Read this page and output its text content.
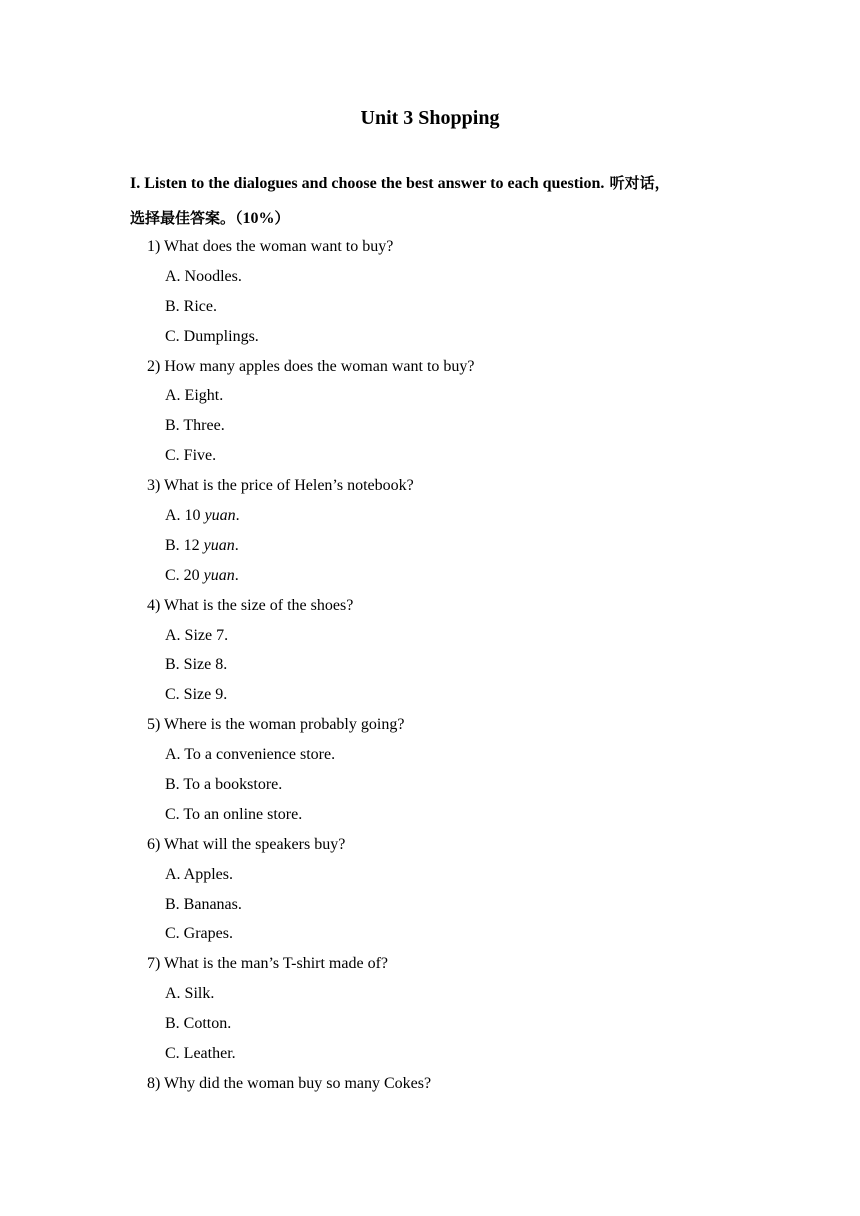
Unit 3 Shopping
I. Listen to the dialogues and choose the best answer to each question. 听对话，
选择最佳答案。（10%）
1) What does the woman want to buy?
A. Noodles.
B. Rice.
C. Dumplings.
2) How many apples does the woman want to buy?
A. Eight.
B. Three.
C. Five.
3) What is the price of Helen’s notebook?
A. 10 yuan.
B. 12 yuan.
C. 20 yuan.
4) What is the size of the shoes?
A. Size 7.
B. Size 8.
C. Size 9.
5) Where is the woman probably going?
A. To a convenience store.
B. To a bookstore.
C. To an online store.
6) What will the speakers buy?
A. Apples.
B. Bananas.
C. Grapes.
7) What is the man’s T-shirt made of?
A. Silk.
B. Cotton.
C. Leather.
8) Why did the woman buy so many Cokes?
